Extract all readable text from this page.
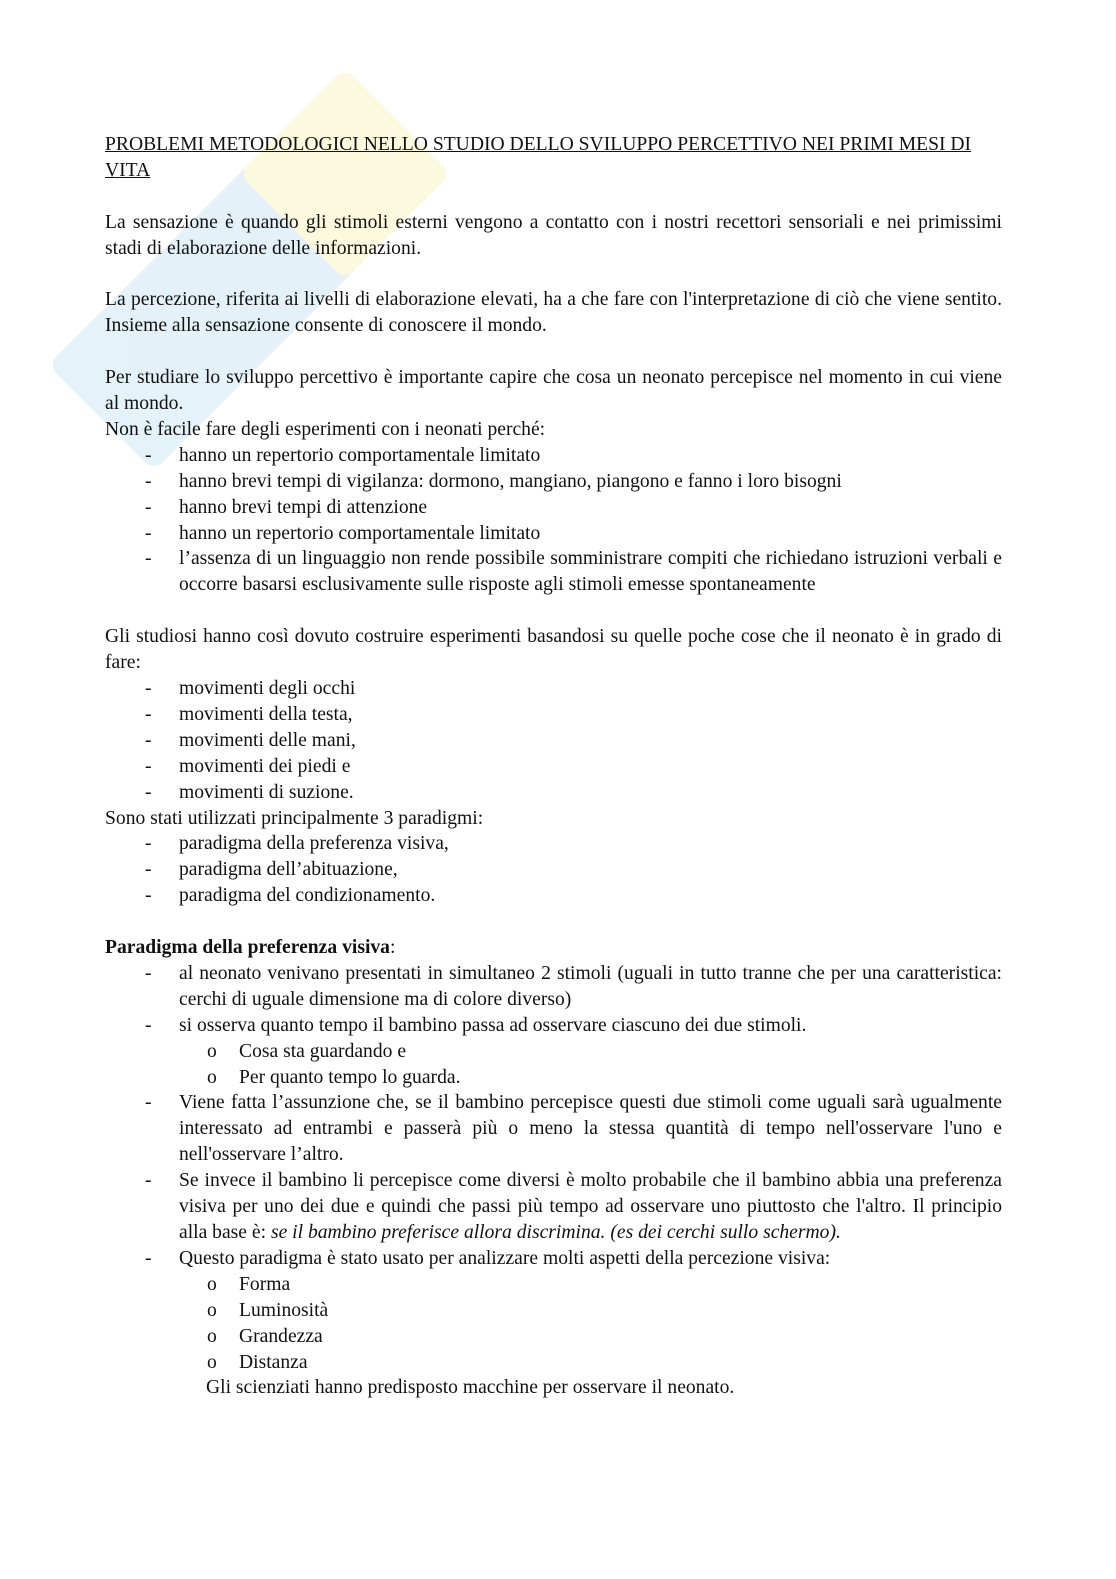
PROBLEMI METODOLOGICI NELLO STUDIO DELLO SVILUPPO PERCETTIVO NEI PRIMI MESI DI VITA

La sensazione è quando gli stimoli esterni vengono a contatto con i nostri recettori sensoriali e nei primissimi stadi di elaborazione delle informazioni.

La percezione, riferita ai livelli di elaborazione elevati, ha a che fare con l'interpretazione di ciò che viene sentito. Insieme alla sensazione consente di conoscere il mondo.

Per studiare lo sviluppo percettivo è importante capire che cosa un neonato percepisce nel momento in cui viene al mondo.

Non è facile fare degli esperimenti con i neonati perché:

- hanno un repertorio comportamentale limitato
- hanno brevi tempi di vigilanza: dormono, mangiano, piangono e fanno i loro bisogni
- hanno brevi tempi di attenzione
- hanno un repertorio comportamentale limitato
- l’assenza di un linguaggio non rende possibile somministrare compiti che richiedano istruzioni verbali e occorre basarsi esclusivamente sulle risposte agli stimoli emesse spontaneamente

Gli studiosi hanno così dovuto costruire esperimenti basandosi su quelle poche cose che il neonato è in grado di fare:

- movimenti degli occhi
- movimenti della testa,
- movimenti delle mani,
- movimenti dei piedi e
- movimenti di suzione.

Sono stati utilizzati principalmente 3 paradigmi:

- paradigma della preferenza visiva,
- paradigma dell’abituazione,
- paradigma del condizionamento.

Paradigma della preferenza visiva:

- al neonato venivano presentati in simultaneo 2 stimoli (uguali in tutto tranne che per una caratteristica: cerchi di uguale dimensione ma di colore diverso)
- si osserva quanto tempo il bambino passa ad osservare ciascuno dei due stimoli.
o Cosa sta guardando e
o Per quanto tempo lo guarda.
- Viene fatta l’assunzione che, se il bambino percepisce questi due stimoli come uguali sarà ugualmente interessato ad entrambi e passerà più o meno la stessa quantità di tempo nell'osservare l'uno e nell'osservare l’altro.
- Se invece il bambino li percepisce come diversi è molto probabile che il bambino abbia una preferenza visiva per uno dei due e quindi che passi più tempo ad osservare uno piuttosto che l'altro. Il principio alla base è: se il bambino preferisce allora discrimina. (es dei cerchi sullo schermo).
- Questo paradigma è stato usato per analizzare molti aspetti della percezione visiva:
o Forma
o Luminosità
o Grandezza
o Distanza

Gli scienziati hanno predisposto macchine per osservare il neonato.
